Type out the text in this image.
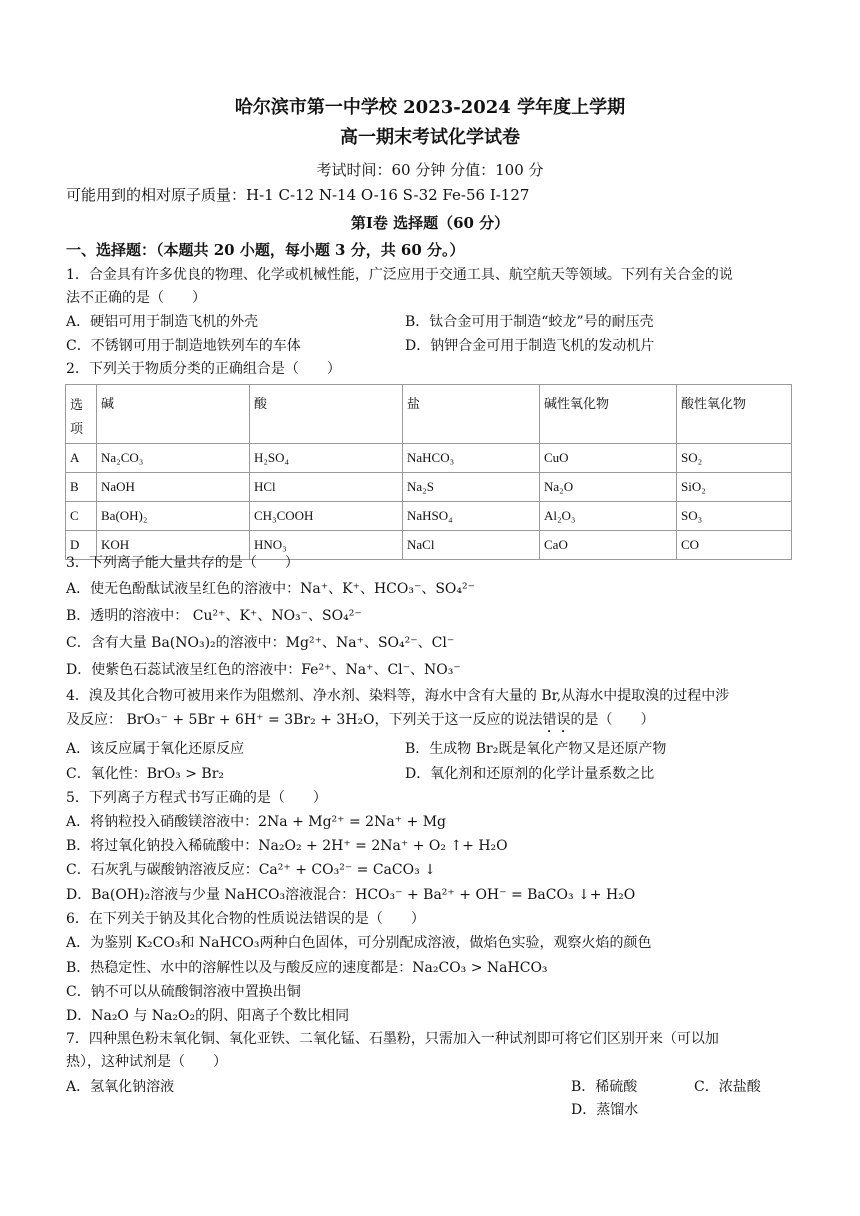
哈尔滨市第一中学校 2023-2024 学年度上学期
高一期末考试化学试卷
考试时间：60 分钟 分值：100 分
可能用到的相对原子质量：H-1 C-12 N-14 O-16 S-32 Fe-56 I-127
第Ⅰ卷 选择题（60 分）
一、选择题：（本题共 20 小题，每小题 3 分，共 60 分。）
1．合金具有许多优良的物理、化学或机械性能，广泛应用于交通工具、航空航天等领域。下列有关合金的说
法不正确的是（　　）
A．硬铝可用于制造飞机的外壳	B．钛合金可用于制造“蛟龙”号的耐压壳
C．不锈钢可用于制造地铁列车的车体	D．钠钾合金可用于制造飞机的发动机片
2．下列关于物质分类的正确组合是（　　）
选项	碱	酸	盐	碱性氧化物	酸性氧化物
A	Na₂CO₃	H₂SO₄	NaHCO₃	CuO	SO₂
B	NaOH	HCl	Na₂S	Na₂O	SiO₂
C	Ba(OH)₂	CH₃COOH	NaHSO₄	Al₂O₃	SO₃
D	KOH	HNO₃	NaCl	CaO	CO
3．下列离子能大量共存的是（　　）
A．使无色酚酞试液呈红色的溶液中：Na⁺、K⁺、HCO₃⁻、SO₄²⁻
B．透明的溶液中： Cu²⁺、K⁺、NO₃⁻、SO₄²⁻
C．含有大量 Ba(NO₃)₂的溶液中：Mg²⁺、Na⁺、SO₄²⁻、Cl⁻
D．使紫色石蕊试液呈红色的溶液中：Fe²⁺、Na⁺、Cl⁻、NO₃⁻
4．溴及其化合物可被用来作为阻燃剂、净水剂、染料等，海水中含有大量的 Br,从海水中提取溴的过程中涉
及反应： BrO₃⁻ + 5Br + 6H⁺ = 3Br₂ + 3H₂O，下列关于这一反应的说法错误的是（　　）
A．该反应属于氧化还原反应	B．生成物 Br₂既是氧化产物又是还原产物
C．氧化性：BrO₃ > Br₂	D．氧化剂和还原剂的化学计量系数之比
5．下列离子方程式书写正确的是（　　）
A．将钠粒投入硝酸镁溶液中：2Na + Mg²⁺ = 2Na⁺ + Mg
B．将过氧化钠投入稀硫酸中：Na₂O₂ + 2H⁺ = 2Na⁺ + O₂ ↑+ H₂O
C．石灰乳与碳酸钠溶液反应：Ca²⁺ + CO₃²⁻ = CaCO₃ ↓
D．Ba(OH)₂溶液与少量 NaHCO₃溶液混合：HCO₃⁻ + Ba²⁺ + OH⁻ = BaCO₃ ↓+ H₂O
6．在下列关于钠及其化合物的性质说法错误的是（　　）
A．为鉴别 K₂CO₃和 NaHCO₃两种白色固体，可分别配成溶液，做焰色实验，观察火焰的颜色
B．热稳定性、水中的溶解性以及与酸反应的速度都是：Na₂CO₃ > NaHCO₃
C．钠不可以从硫酸铜溶液中置换出铜
D．Na₂O 与 Na₂O₂的阴、阳离子个数比相同
7．四种黑色粉末氧化铜、氧化亚铁、二氧化锰、石墨粉，只需加入一种试剂即可将它们区别开来（可以加
热），这种试剂是（　　）
A．氢氧化钠溶液	B．稀硫酸	C．浓盐酸
D．蒸馏水
